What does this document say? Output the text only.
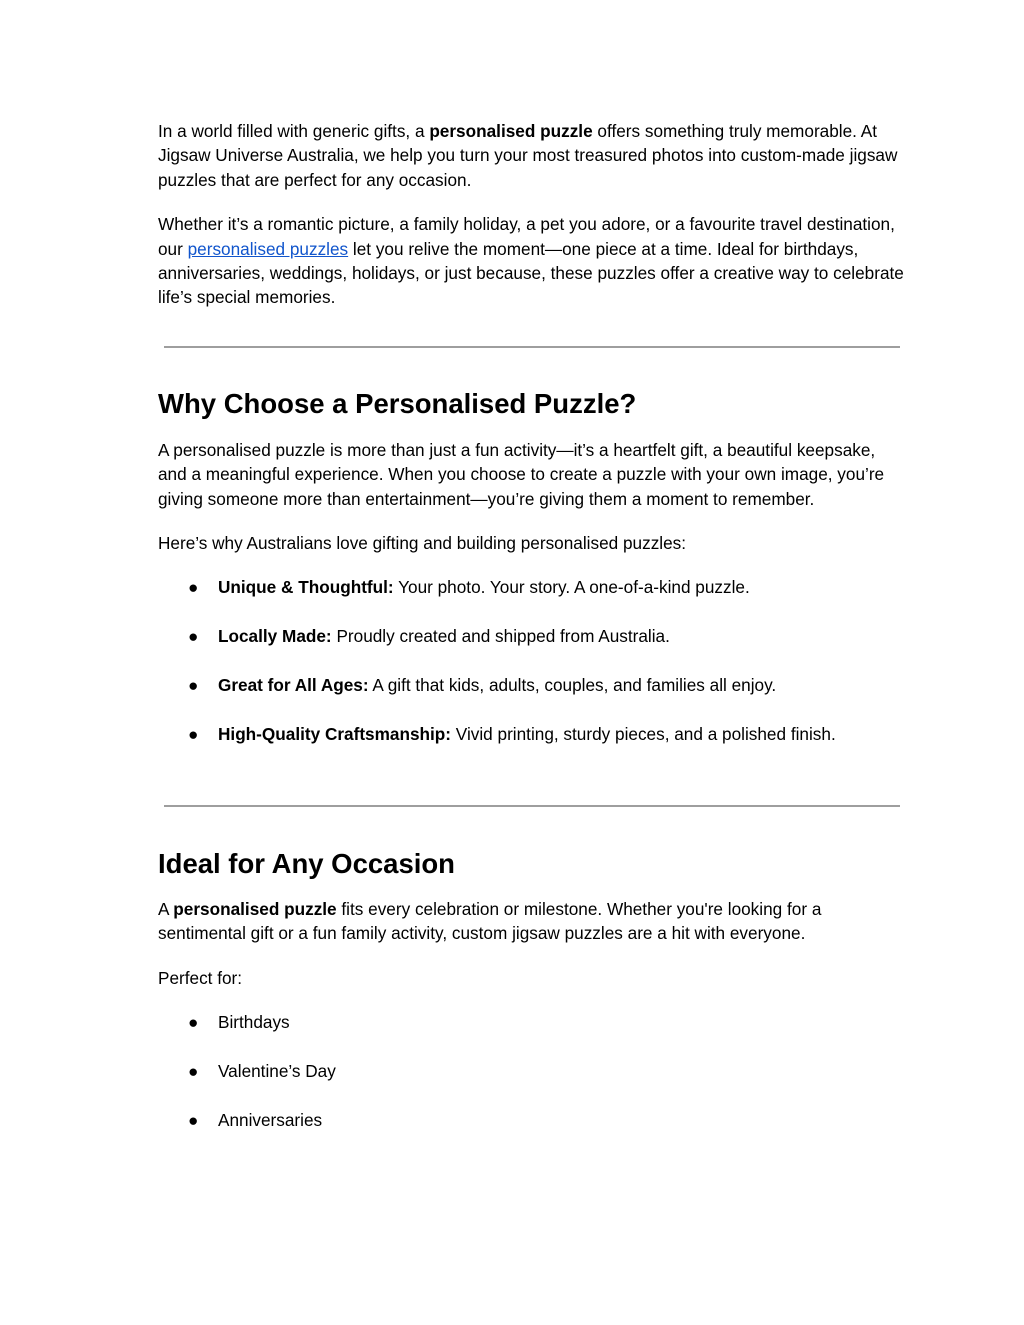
In a world filled with generic gifts, a personalised puzzle offers something truly memorable. At Jigsaw Universe Australia, we help you turn your most treasured photos into custom-made jigsaw puzzles that are perfect for any occasion.

Whether it’s a romantic picture, a family holiday, a pet you adore, or a favourite travel destination, our personalised puzzles let you relive the moment—one piece at a time. Ideal for birthdays, anniversaries, weddings, holidays, or just because, these puzzles offer a creative way to celebrate life’s special memories.

Why Choose a Personalised Puzzle?

A personalised puzzle is more than just a fun activity—it’s a heartfelt gift, a beautiful keepsake, and a meaningful experience. When you choose to create a puzzle with your own image, you’re giving someone more than entertainment—you’re giving them a moment to remember.

Here’s why Australians love gifting and building personalised puzzles:

● Unique & Thoughtful: Your photo. Your story. A one-of-a-kind puzzle.
● Locally Made: Proudly created and shipped from Australia.
● Great for All Ages: A gift that kids, adults, couples, and families all enjoy.
● High-Quality Craftsmanship: Vivid printing, sturdy pieces, and a polished finish.
Ideal for Any Occasion

A personalised puzzle fits every celebration or milestone. Whether you're looking for a sentimental gift or a fun family activity, custom jigsaw puzzles are a hit with everyone.

Perfect for:

● Birthdays
● Valentine’s Day
● Anniversaries
